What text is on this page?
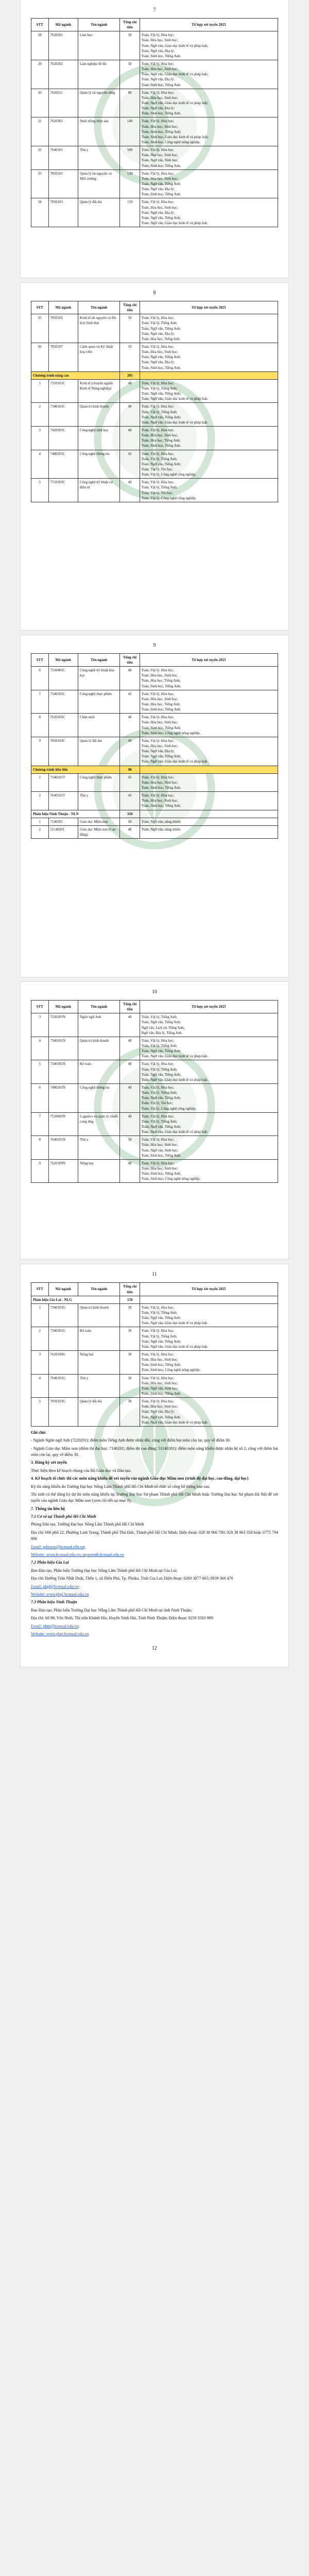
7
STT	Mã ngành	Tên ngành	Tổng chỉ tiêu	Tổ hợp xét tuyển 2025
28	7620201	Lâm học	50	Toán, Vật lý, Hóa học;
Toán, Hóa học, Sinh học;
Toán, Ngữ văn, Giáo dục kinh tế và pháp luật;
Toán, Ngữ văn, Địa lý;
Toán, Sinh học, Tiếng Anh.
29	7620202	Lâm nghiệp đô thị	50	Toán, Vật lý, Hóa học;
Toán, Hóa học, Sinh học;
Toán, Ngữ văn, Giáo dục kinh tế và pháp luật;
Toán, Ngữ văn, Địa lý;
Toán, Sinh học, Tiếng Anh.
30	7620211	Quản lý tài nguyên rừng	80	Toán, Vật lý, Hóa học;
Toán, Hóa học, Sinh học;
Toán, Ngữ văn, Giáo dục kinh tế và pháp luật;
Toán, Ngữ văn, Địa lý;
Toán, Sinh học, Tiếng Anh.
31	7620301	Nuôi trồng thủy sản	140	Toán, Vật lý, Hóa học;
Toán, Hóa học, Sinh học;
Toán, Sinh học, Tiếng Anh;
Toán, Sinh học, Giáo dục kinh tế và pháp luật;
Toán, Sinh học, Công nghệ nông nghiệp.
32	7640101	Thú y	500	Toán, Vật lý, Hóa học;
Toán, Hóa học, Sinh học;
Toán, Ngữ văn, Sinh học;
Toán, Sinh học, Tiếng Anh.
33	7850101	Quản lý tài nguyên và Môi trường	130	Toán, Vật lý, Hóa học;
Toán, Hóa học, Sinh học;
Toán, Ngữ văn, Tiếng Anh;
Toán, Ngữ văn, Địa lý;
Toán, Sinh học, Tiếng Anh.
34	7850103	Quản lý đất đai	150	Toán, Vật lý, Hóa học;
Toán, Hóa học, Sinh học;
Toán, Ngữ văn, Địa lý;
Toán, Ngữ văn, Tiếng Anh;
Toán, Ngữ văn, Giáo dục kinh tế và pháp luật.
8
STT	Mã ngành	Tên ngành	Tổng chỉ tiêu	Tổ hợp xét tuyển 2025
35	7850102	Kinh tế tài nguyên và Du lịch Sinh thái	50	Toán, Vật lý, Hóa học;
Toán, Vật lý, Tiếng Anh;
Toán, Ngữ văn, Tiếng Anh;
Toán, Ngữ văn, Địa lý;
Toán, Hóa học, Tiếng Anh.
36	7850107	Cảnh quan và Kỹ thuật hoa viên	50	Toán, Vật lý, Hóa học;
Toán, Hóa học, Sinh học;
Toán, Ngữ văn, Tiếng Anh;
Toán, Ngữ văn, Địa lý;
Toán, Sinh học, Tiếng Anh.
Chương trình nâng cao			205	
1	7310101C	Kinh tế (chuyên ngành Kinh tế Nông nghiệp)	40	Toán, Vật lý, Hóa học;
Toán, Vật lý, Tiếng Anh;
Toán, Ngữ văn, Tiếng Anh;
Toán, Ngữ văn, Giáo dục kinh tế và pháp luật.
2	7340101C	Quản trị kinh doanh	40	Toán, Vật lý, Hóa học;
Toán, Vật lý, Tiếng Anh;
Toán, Ngữ văn, Tiếng Anh;
Toán, Ngữ văn, Giáo dục kinh tế và pháp luật.
3	7420201C	Công nghệ sinh học	40	Toán, Vật lý, Hóa học;
Toán, Hóa học, Sinh học;
Toán, Hóa học, Tiếng Anh;
Toán, Sinh học, Tiếng Anh.
4	7480201C	Công nghệ thông tin	45	Toán, Vật lý, Hóa học;
Toán, Vật lý, Tiếng Anh;
Toán, Ngữ văn, Tiếng Anh;
Toán, Vật lý, Tin học;
Toán, Vật lý, Công nghệ công nghiệp.
5	7510203C	Công nghệ kỹ thuật cơ điện tử	40	Toán, Vật lý, Hóa học;
Toán, Vật lý, Tiếng Anh;
Toán, Vật lý, Tin học;
Toán, Vật lý, Công nghệ công nghiệp.
9
STT	Mã ngành	Tên ngành	Tổng chỉ tiêu	Tổ hợp xét tuyển 2025
6	7510401C	Công nghệ kỹ thuật hóa học	40	Toán, Vật lý, Hóa học;
Toán, Hóa học, Sinh học;
Toán, Hóa học, Tiếng Anh;
Toán, Sinh học, Tiếng Anh.
7	7540101C	Công nghệ thực phẩm	45	Toán, Vật lý, Hóa học;
Toán, Hóa học, Sinh học;
Toán, Hóa học, Tiếng Anh;
Toán, Sinh học, Tiếng Anh.
8	7620105C	Chăn nuôi	40	Toán, Vật lý, Hóa học;
Toán, Hóa học, Sinh học;
Toán, Sinh học, Tiếng Anh;
Toán, Sinh học, Công nghệ nông nghiệp.
9	7850103C	Quản lý đất đai	40	Toán, Vật lý, Hóa học;
Toán, Hóa học, Sinh học;
Toán, Ngữ văn, Địa lý;
Toán, Ngữ văn, Tiếng Anh;
Toán, Ngữ văn, Giáo dục kinh tế và pháp luật.
Chương trình tiên tiến			90	
1	7540101T	Công nghệ thực phẩm	45	Toán, Vật lý, Hóa học;
Toán, Hóa học, Sinh học;
Toán, Sinh học, Tiếng Anh.
2	7640101T	Thú y	45	Toán, Vật lý, Hóa học;
Toán, Hóa học, Sinh học;
Toán, Sinh học, Tiếng Anh.
Phân hiệu Ninh Thuận - NLN			310	
1	7140201	Giáo dục Mầm non	20	Toán, Ngữ văn, năng khiếu
2	51140201	Giáo dục Mầm non (Cao đẳng)	40	Toán, Ngữ văn, năng khiếu
10
STT	Mã ngành	Tên ngành	Tổng chỉ tiêu	Tổ hợp xét tuyển 2025
3	7220201N	Ngôn ngữ Anh	40	Toán, Vật lý, Tiếng Anh;
Toán, Ngữ văn, Tiếng Anh;
Ngữ văn, Lịch sử, Tiếng Anh;
Ngữ văn, Địa lý, Tiếng Anh.
4	7340101N	Quản trị kinh doanh	40	Toán, Vật lý, Hóa học;
Toán, Vật lý, Tiếng Anh;
Toán, Ngữ văn, Tiếng Anh;
Toán, Ngữ văn, Giáo dục kinh tế và pháp luật.
5	7340301N	Kế toán	40	Toán, Vật lý, Hóa học;
Toán, Vật lý, Tiếng Anh;
Toán, Ngữ văn, Tiếng Anh;
Toán, Ngữ văn, Giáo dục kinh tế và pháp luật.
6	7480201N	Công nghệ thông tin	40	Toán, Vật lý, Hóa học;
Toán, Vật lý, Tiếng Anh;
Toán, Ngữ văn, Tiếng Anh;
Toán, Vật lý, Tin học;
Toán, Vật lý, Công nghệ công nghiệp.
7	7510605N	Logistics và quản lý chuỗi cung ứng	40	Toán, Vật lý, Hóa học;
Toán, Vật lý, Tiếng Anh;
Toán, Ngữ văn, Tiếng Anh;
Toán, Ngữ văn, Giáo dục kinh tế và pháp luật.
8	7640101N	Thú y	50	Toán, Vật lý, Hóa học;
Toán, Hóa học, Sinh học;
Toán, Ngữ văn, Sinh học;
Toán, Sinh học, Tiếng Anh.
9	7620109N	Nông học	40	Toán, Vật lý, Hóa học;
Toán, Hóa học, Sinh học;
Toán, Sinh học, Tiếng Anh;
Toán, Sinh học, Công nghệ nông nghiệp.
11
STT	Mã ngành	Tên ngành	Tổng chỉ tiêu	Tổ hợp xét tuyển 2025
Phân hiệu Gia Lai - NLG			150	
1	7340101G	Quản trị kinh doanh	30	Toán, Vật lý, Hóa học;
Toán, Vật lý, Tiếng Anh;
Toán, Ngữ văn, Tiếng Anh;
Toán, Ngữ văn, Giáo dục kinh tế và pháp luật.
2	7340301G	Kế toán	30	Toán, Vật lý, Hóa học;
Toán, Vật lý, Tiếng Anh;
Toán, Ngữ văn, Tiếng Anh;
Toán, Ngữ văn, Giáo dục kinh tế và pháp luật.
3	7620109G	Nông học	30	Toán, Vật lý, Hóa học;
Toán, Hóa học, Sinh học;
Toán, Sinh học, Tiếng Anh;
Toán, Sinh học, Công nghệ nông nghiệp.
4	7640101G	Thú y	30	Toán, Vật lý, Hóa học;
Toán, Hóa học, Sinh học;
Toán, Ngữ văn, Sinh học;
Toán, Sinh học, Tiếng Anh.
5	7850103G	Quản lý đất đai	30	Toán, Vật lý, Hóa học;
Toán, Hóa học, Sinh học;
Toán, Ngữ văn, Địa lý;
Toán, Ngữ văn, Tiếng Anh;
Toán, Ngữ văn, Giáo dục kinh tế và pháp luật.

Ghi chú:

- Ngành Ngôn ngữ Anh (7220201): điểm môn Tiếng Anh được nhân đôi, cộng với điểm hai môn còn lại, quy về điểm 30.

- Ngành Giáo dục Mầm non (điểm thi đại học: 7140201; điểm thi cao đẳng: 51140201): điểm môn năng khiếu được nhân hệ số 2, cộng với điểm hai môn còn lại, quy về điểm 30.

3. Đăng ký xét tuyển

Thực hiện theo kế hoạch chung của Bộ Giáo dục và Đào tạo.

4. Kế hoạch tổ chức thi các môn năng khiếu để xét tuyển vào ngành Giáo dục Mầm non (trình độ đại học, cao đẳng, đại học)

Kỳ thi năng khiếu do Trường Đại học Nông Lâm Thành phố Hồ Chí Minh tổ chức sẽ công bố thông báo sau.

Thí sinh có thể đăng ký dự thi môn năng khiếu tại Trường Đại học Sư phạm Thành phố Hồ Chí Minh hoặc Trường Đại học Sư phạm Hà Nội để xét tuyển vào ngành Giáo dục Mầm non (xem chi tiết tại mục 6).

7. Thông tin liên hệ

7.1 Cơ sở tại Thành phố Hồ Chí Minh

Phòng Đào tạo, Trường Đại học Nông Lâm Thành phố Hồ Chí Minh

Địa chỉ: 606 phố 22, Phường Linh Trung, Thành phố Thủ Đức, Thành phố Hồ Chí Minh; Điện thoại: 028 38 966 780; 028 38 963 350 hoặc 0775 794 806

Email: pdaotao@hcmuaf.edu.vn;

Website: www.hcmuaf.edu.vn; tuyensinh.hcmuaf.edu.vn

7.2 Phân hiệu Gia Lai

Ban Đào tạo, Phân hiệu Trường Đại học Nông Lâm Thành phố Hồ Chí Minh tại Gia Lai;

Địa chỉ: Đường Trần Nhật Duật, Thôn 1, xã Diên Phú, Tp. Pleiku, Tỉnh Gia Lai; Điện thoại: 0269 3877 665; 0939 366 476

Email: phgl@hcmuaf.edu.vn;

Website: www.phgl.hcmuaf.edu.vn

7.3 Phân hiệu Ninh Thuận

Ban Đào tạo, Phân hiệu Trường Đại học Nông Lâm Thành phố Hồ Chí Minh tại tỉnh Ninh Thuận;

Địa chỉ: Số 98, Yên Ninh, Thị trấn Khánh Hải, Huyện Ninh Hải, Tỉnh Ninh Thuận; Điện thoại: 0259 3503 989

Email: phnt@hcmuaf.edu.vn;

Website: www.phnt.hcmuaf.edu.vn

12
